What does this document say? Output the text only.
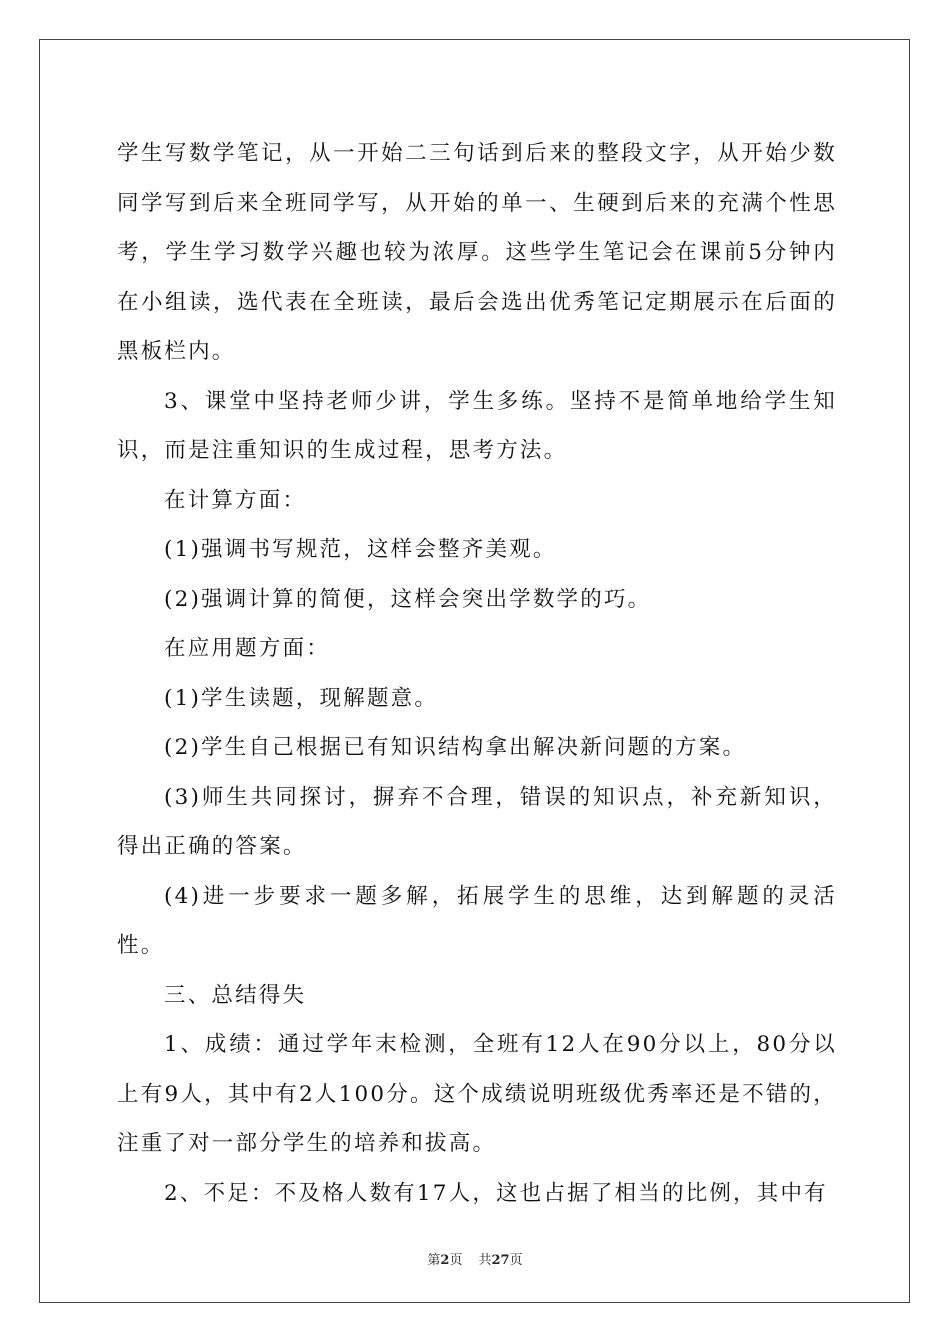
学生写数学笔记，从一开始二三句话到后来的整段文字，从开始少数同学写到后来全班同学写，从开始的单一、生硬到后来的充满个性思考，学生学习数学兴趣也较为浓厚。这些学生笔记会在课前5分钟内在小组读，选代表在全班读，最后会选出优秀笔记定期展示在后面的黑板栏内。

3、课堂中坚持老师少讲，学生多练。坚持不是简单地给学生知识，而是注重知识的生成过程，思考方法。

在计算方面：

(1)强调书写规范，这样会整齐美观。

(2)强调计算的简便，这样会突出学数学的巧。

在应用题方面：

(1)学生读题，现解题意。

(2)学生自己根据已有知识结构拿出解决新问题的方案。

(3)师生共同探讨，摒弃不合理，错误的知识点，补充新知识，得出正确的答案。

(4)进一步要求一题多解，拓展学生的思维，达到解题的灵活性。

三、总结得失

1、成绩：通过学年末检测，全班有12人在90分以上，80分以上有9人，其中有2人100分。这个成绩说明班级优秀率还是不错的，注重了对一部分学生的培养和拔高。

2、不足：不及格人数有17人，这也占据了相当的比例，其中有

第2页 共27页
